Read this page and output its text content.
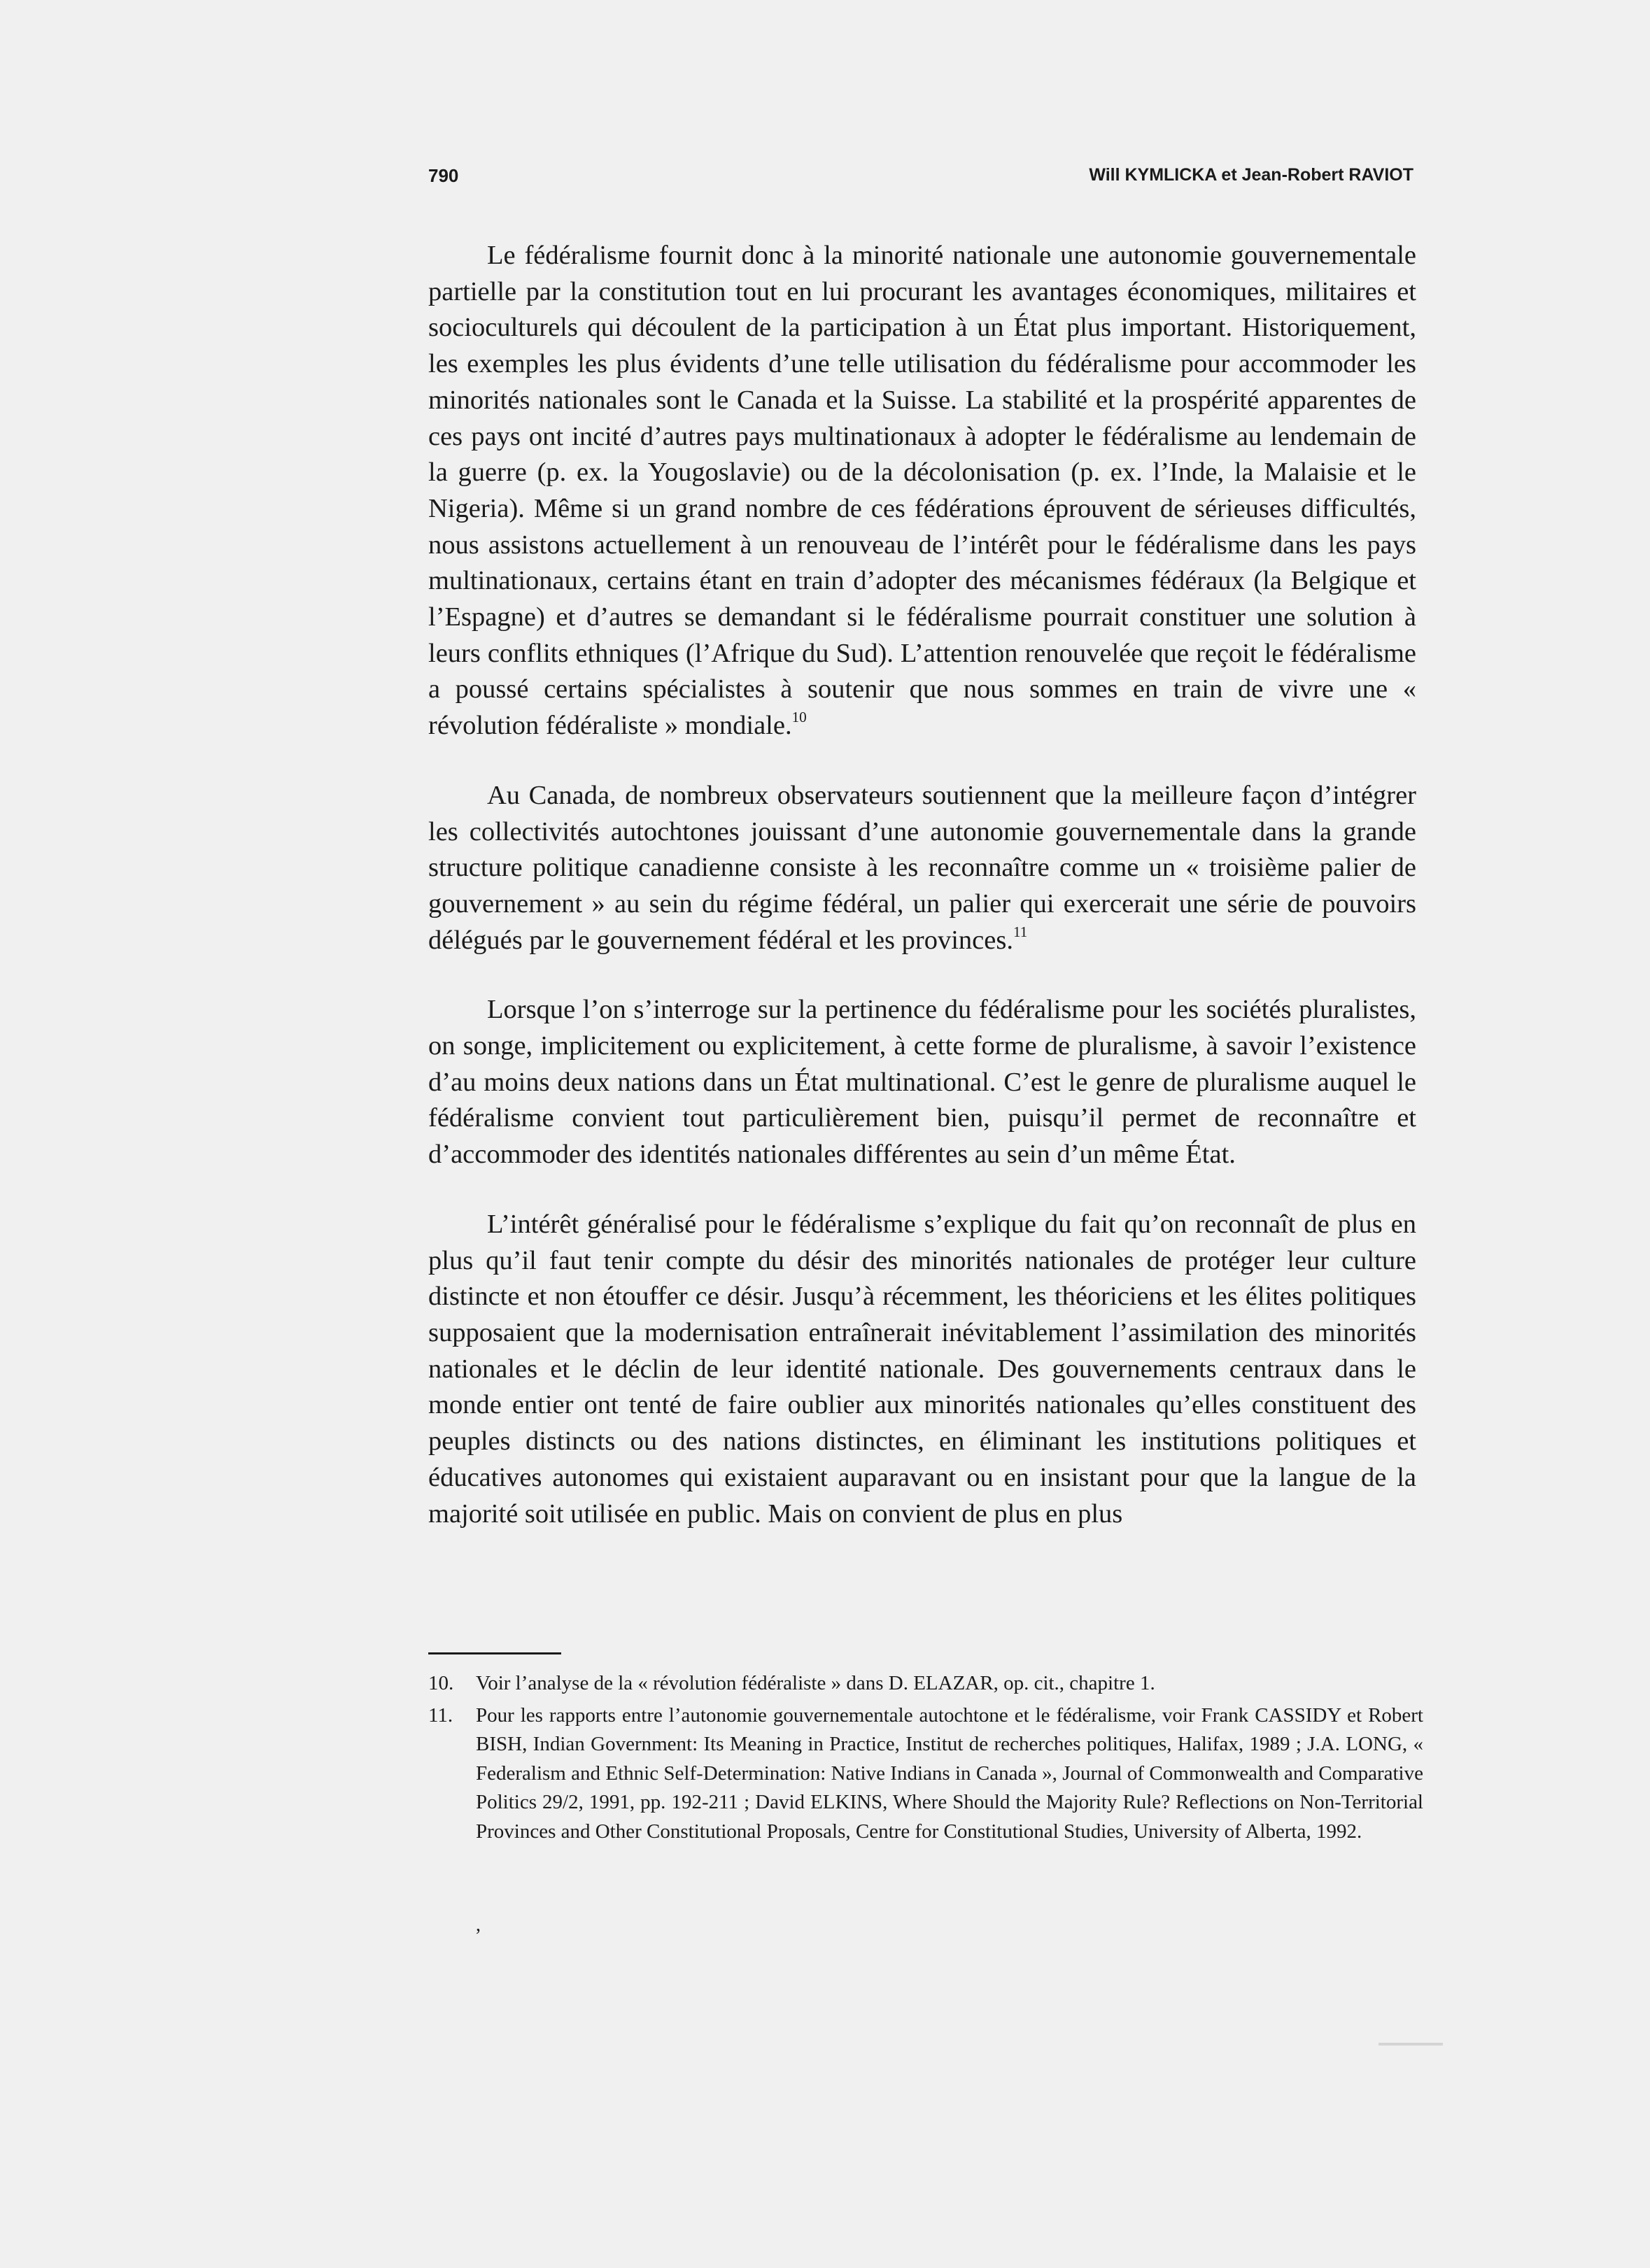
790	Will KYMLICKA et Jean-Robert RAVIOT

Le fédéralisme fournit donc à la minorité nationale une autonomie gouvernementale partielle par la constitution tout en lui procurant les avantages économiques, militaires et socioculturels qui découlent de la participation à un État plus important. Historiquement, les exemples les plus évidents d’une telle utilisation du fédéralisme pour accommoder les minorités nationales sont le Canada et la Suisse. La stabilité et la prospérité apparentes de ces pays ont incité d’autres pays multinationaux à adopter le fédéralisme au lendemain de la guerre (p. ex. la Yougoslavie) ou de la décolonisation (p. ex. l’Inde, la Malaisie et le Nigeria). Même si un grand nombre de ces fédérations éprouvent de sérieuses difficultés, nous assistons actuellement à un renouveau de l’intérêt pour le fédéralisme dans les pays multinationaux, certains étant en train d’adopter des mécanismes fédéraux (la Belgique et l’Espagne) et d’autres se demandant si le fédéralisme pourrait constituer une solution à leurs conflits ethniques (l’Afrique du Sud). L’attention renouvelée que reçoit le fédéralisme a poussé certains spécialistes à soutenir que nous sommes en train de vivre une « révolution fédéraliste » mondiale.$^{10}$

Au Canada, de nombreux observateurs soutiennent que la meilleure façon d’intégrer les collectivités autochtones jouissant d’une autonomie gouvernementale dans la grande structure politique canadienne consiste à les reconnaître comme un « troisième palier de gouvernement » au sein du régime fédéral, un palier qui exercerait une série de pouvoirs délégués par le gouvernement fédéral et les provinces.$^{11}$

Lorsque l’on s’interroge sur la pertinence du fédéralisme pour les sociétés pluralistes, on songe, implicitement ou explicitement, à cette forme de pluralisme, à savoir l’existence d’au moins deux nations dans un État multinational. C’est le genre de pluralisme auquel le fédéralisme convient tout particulièrement bien, puisqu’il permet de reconnaître et d’accommoder des identités nationales différentes au sein d’un même État.

L’intérêt généralisé pour le fédéralisme s’explique du fait qu’on reconnaît de plus en plus qu’il faut tenir compte du désir des minorités nationales de protéger leur culture distincte et non étouffer ce désir. Jusqu’à récemment, les théoriciens et les élites politiques supposaient que la modernisation entraînerait inévitablement l’assimilation des minorités nationales et le déclin de leur identité nationale. Des gouvernements centraux dans le monde entier ont tenté de faire oublier aux minorités nationales qu’elles constituent des peuples distincts ou des nations distinctes, en éliminant les institutions politiques et éducatives autonomes qui existaient auparavant ou en insistant pour que la langue de la majorité soit utilisée en public. Mais on convient de plus en plus

10. Voir l’analyse de la « révolution fédéraliste » dans D. ELAZAR, op. cit., chapitre 1.
11. Pour les rapports entre l’autonomie gouvernementale autochtone et le fédéralisme, voir Frank CASSIDY et Robert BISH, Indian Government: Its Meaning in Practice, Institut de recherches politiques, Halifax, 1989 ; J.A. LONG, « Federalism and Ethnic Self-Determination: Native Indians in Canada », Journal of Commonwealth and Comparative Politics 29/2, 1991, pp. 192-211 ; David ELKINS, Where Should the Majority Rule? Reflections on Non-Territorial Provinces and Other Constitutional Proposals, Centre for Constitutional Studies, University of Alberta, 1992.
,
